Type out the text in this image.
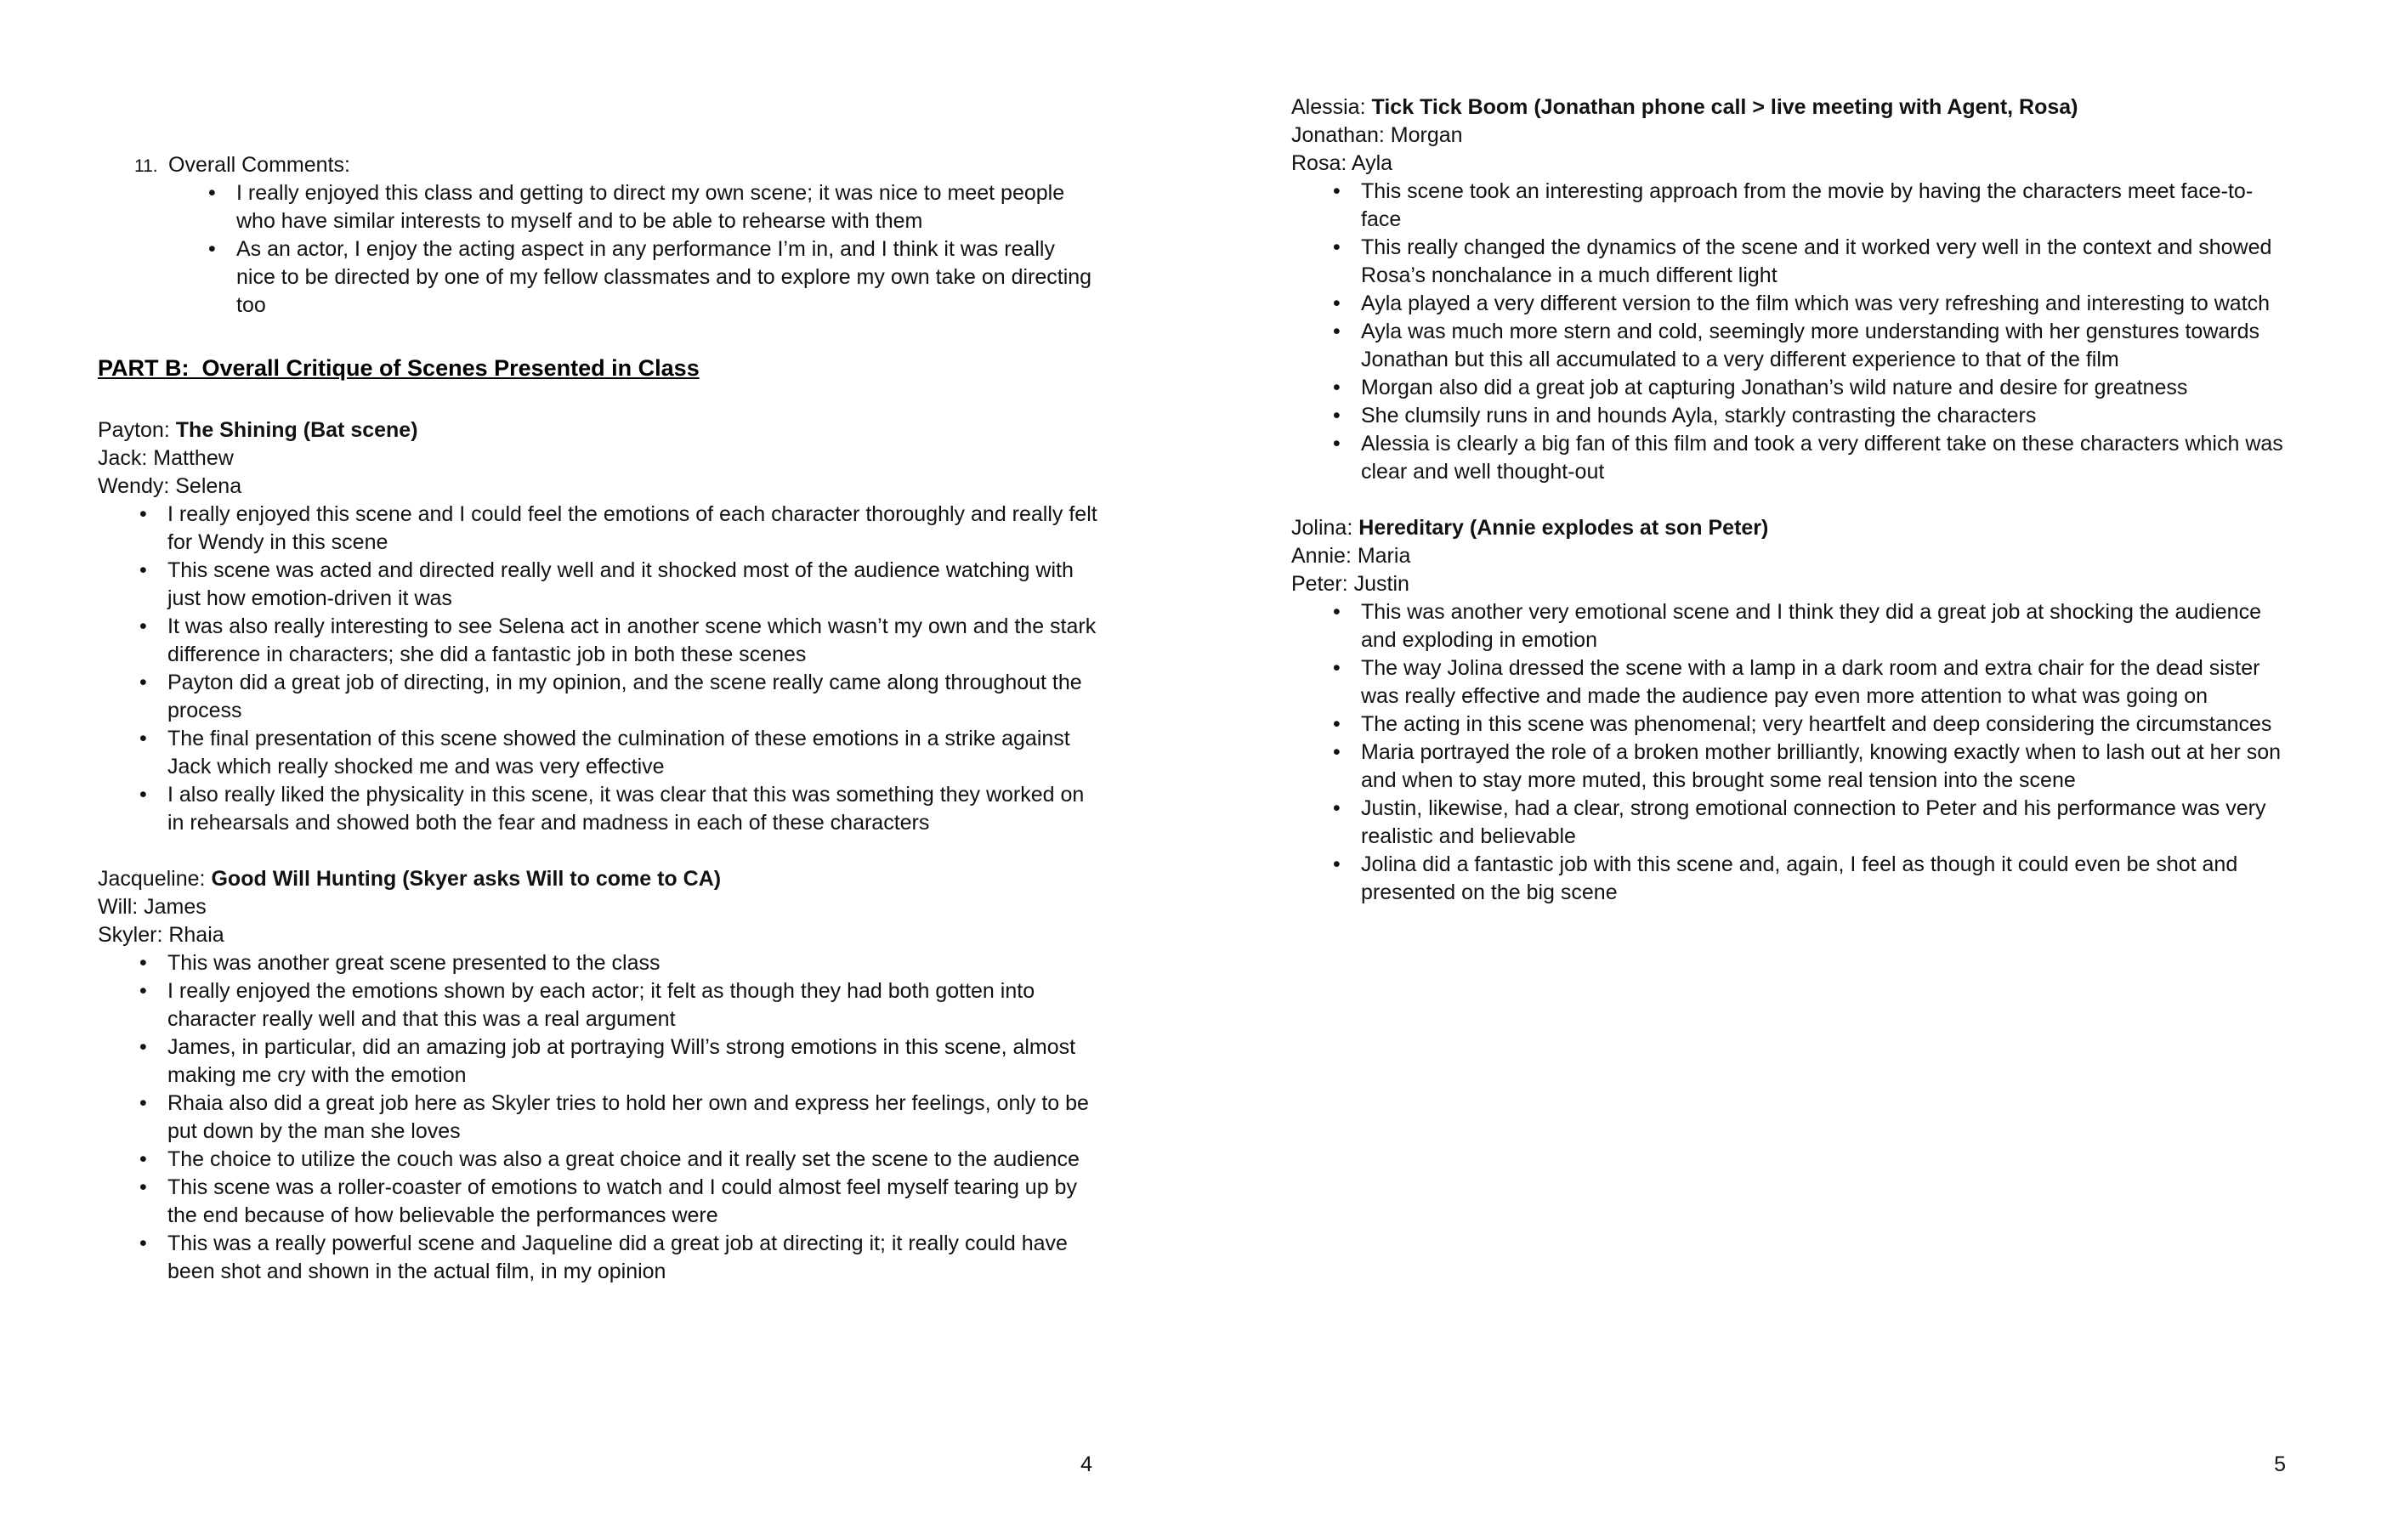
11. Overall Comments:
• I really enjoyed this class and getting to direct my own scene; it was nice to meet people who have similar interests to myself and to be able to rehearse with them
• As an actor, I enjoy the acting aspect in any performance I’m in, and I think it was really nice to be directed by one of my fellow classmates and to explore my own take on directing too
PART B:  Overall Critique of Scenes Presented in Class
Payton: The Shining (Bat scene)
Jack: Matthew
Wendy: Selena
• I really enjoyed this scene and I could feel the emotions of each character thoroughly and really felt for Wendy in this scene
• This scene was acted and directed really well and it shocked most of the audience watching with just how emotion-driven it was
• It was also really interesting to see Selena act in another scene which wasn’t my own and the stark difference in characters; she did a fantastic job in both these scenes
• Payton did a great job of directing, in my opinion, and the scene really came along throughout the process
• The final presentation of this scene showed the culmination of these emotions in a strike against Jack which really shocked me and was very effective
• I also really liked the physicality in this scene, it was clear that this was something they worked on in rehearsals and showed both the fear and madness in each of these characters
Jacqueline: Good Will Hunting (Skyer asks Will to come to CA)
Will: James
Skyler: Rhaia
• This was another great scene presented to the class
• I really enjoyed the emotions shown by each actor; it felt as though they had both gotten into character really well and that this was a real argument
• James, in particular, did an amazing job at portraying Will’s strong emotions in this scene, almost making me cry with the emotion
• Rhaia also did a great job here as Skyler tries to hold her own and express her feelings, only to be put down by the man she loves
• The choice to utilize the couch was also a great choice and it really set the scene to the audience
• This scene was a roller-coaster of emotions to watch and I could almost feel myself tearing up by the end because of how believable the performances were
• This was a really powerful scene and Jaqueline did a great job at directing it; it really could have been shot and shown in the actual film, in my opinion
4
Alessia: Tick Tick Boom (Jonathan phone call > live meeting with Agent, Rosa)
Jonathan: Morgan
Rosa: Ayla
• This scene took an interesting approach from the movie by having the characters meet face-to-face
• This really changed the dynamics of the scene and it worked very well in the context and showed Rosa’s nonchalance in a much different light
• Ayla played a very different version to the film which was very refreshing and interesting to watch
• Ayla was much more stern and cold, seemingly more understanding with her genstures towards Jonathan but this all accumulated to a very different experience to that of the film
• Morgan also did a great job at capturing Jonathan’s wild nature and desire for greatness
• She clumsily runs in and hounds Ayla, starkly contrasting the characters
• Alessia is clearly a big fan of this film and took a very different take on these characters which was clear and well thought-out
Jolina: Hereditary (Annie explodes at son Peter)
Annie: Maria
Peter: Justin
• This was another very emotional scene and I think they did a great job at shocking the audience and exploding in emotion
• The way Jolina dressed the scene with a lamp in a dark room and extra chair for the dead sister was really effective and made the audience pay even more attention to what was going on
• The acting in this scene was phenomenal; very heartfelt and deep considering the circumstances
• Maria portrayed the role of a broken mother brilliantly, knowing exactly when to lash out at her son and when to stay more muted, this brought some real tension into the scene
• Justin, likewise, had a clear, strong emotional connection to Peter and his performance was very realistic and believable
• Jolina did a fantastic job with this scene and, again, I feel as though it could even be shot and presented on the big scene
5
